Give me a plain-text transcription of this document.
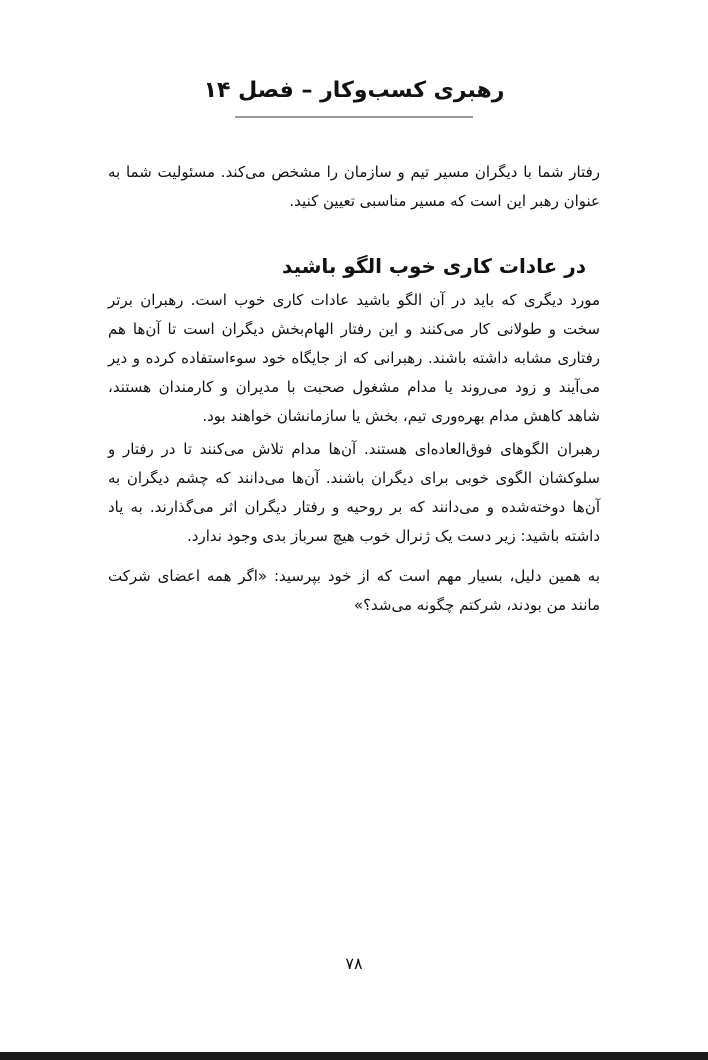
رهبری کسب‌وکار – فصل ۱۴

رفتار شما با دیگران مسیر تیم و سازمان را مشخص می‌کند. مسئولیت شما به عنوان رهبر این است که مسیر مناسبی تعیین کنید.

در عادات کاری خوب الگو باشید

مورد دیگری که باید در آن الگو باشید عادات کاری خوب است. رهبران برتر سخت و طولانی کار می‌کنند و این رفتار الهام‌بخش دیگران است تا آن‌ها هم رفتاری مشابه داشته باشند. رهبرانی که از جایگاه خود سوءاستفاده کرده و دیر می‌آیند و زود می‌روند یا مدام مشغول صحبت با مدیران و کارمندان هستند، شاهد کاهش مدام بهره‌وری تیم، بخش یا سازمانشان خواهند بود.

رهبران الگوهای فوق‌العاده‌ای هستند. آن‌ها مدام تلاش می‌کنند تا در رفتار و سلوکشان الگوی خوبی برای دیگران باشند. آن‌ها می‌دانند که چشم دیگران به آن‌ها دوخته‌شده و می‌دانند که بر روحیه و رفتار دیگران اثر می‌گذارند. به یاد داشته باشید: زیر دست یک ژنرال خوب هیچ سرباز بدی وجود ندارد.

به همین دلیل، بسیار مهم است که از خود بپرسید: «اگر همه اعضای شرکت مانند من بودند، شرکتم چگونه می‌شد؟»

۷۸
